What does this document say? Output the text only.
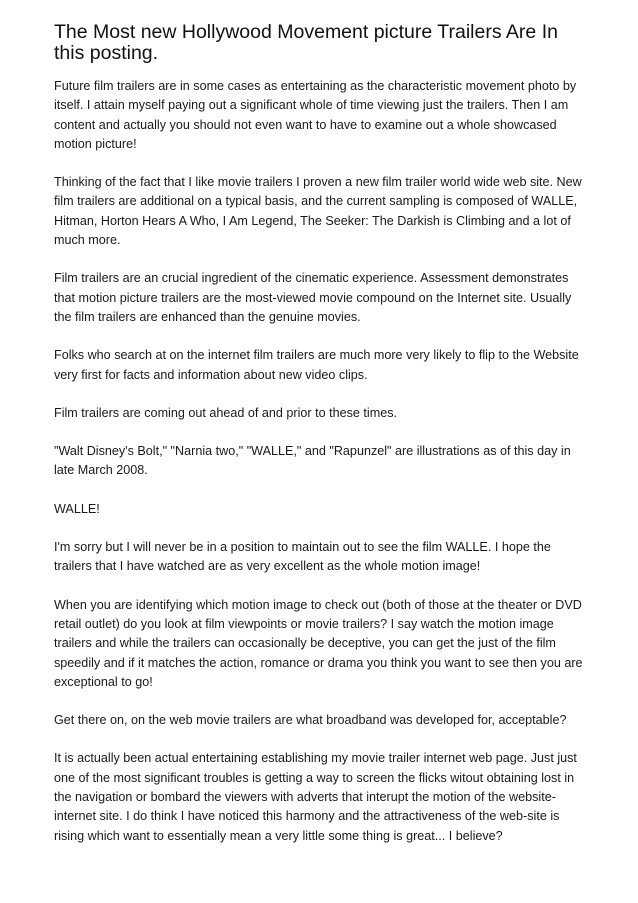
The Most new Hollywood Movement picture Trailers Are In this posting.

Future film trailers are in some cases as entertaining as the characteristic movement photo by itself. I attain myself paying out a significant whole of time viewing just the trailers. Then I am content and actually you should not even want to have to examine out a whole showcased motion picture!

Thinking of the fact that I like movie trailers I proven a new film trailer world wide web site. New film trailers are additional on a typical basis, and the current sampling is composed of WALLE, Hitman, Horton Hears A Who, I Am Legend, The Seeker: The Darkish is Climbing and a lot of much more.

Film trailers are an crucial ingredient of the cinematic experience. Assessment demonstrates that motion picture trailers are the most-viewed movie compound on the Internet site. Usually the film trailers are enhanced than the genuine movies.

Folks who search at on the internet film trailers are much more very likely to flip to the Website very first for facts and information about new video clips.

Film trailers are coming out ahead of and prior to these times.

"Walt Disney's Bolt," "Narnia two," "WALLE," and "Rapunzel" are illustrations as of this day in late March 2008.

WALLE!

I'm sorry but I will never be in a position to maintain out to see the film WALLE. I hope the trailers that I have watched are as very excellent as the whole motion image!

When you are identifying which motion image to check out (both of those at the theater or DVD retail outlet) do you look at film viewpoints or movie trailers? I say watch the motion image trailers and while the trailers can occasionally be deceptive, you can get the just of the film speedily and if it matches the action, romance or drama you think you want to see then you are exceptional to go!

Get there on, on the web movie trailers are what broadband was developed for, acceptable?

It is actually been actual entertaining establishing my movie trailer internet web page. Just just one of the most significant troubles is getting a way to screen the flicks witout obtaining lost in the navigation or bombard the viewers with adverts that interupt the motion of the website-internet site. I do think I have noticed this harmony and the attractiveness of the web-site is rising which want to essentially mean a very little some thing is great... I believe?
